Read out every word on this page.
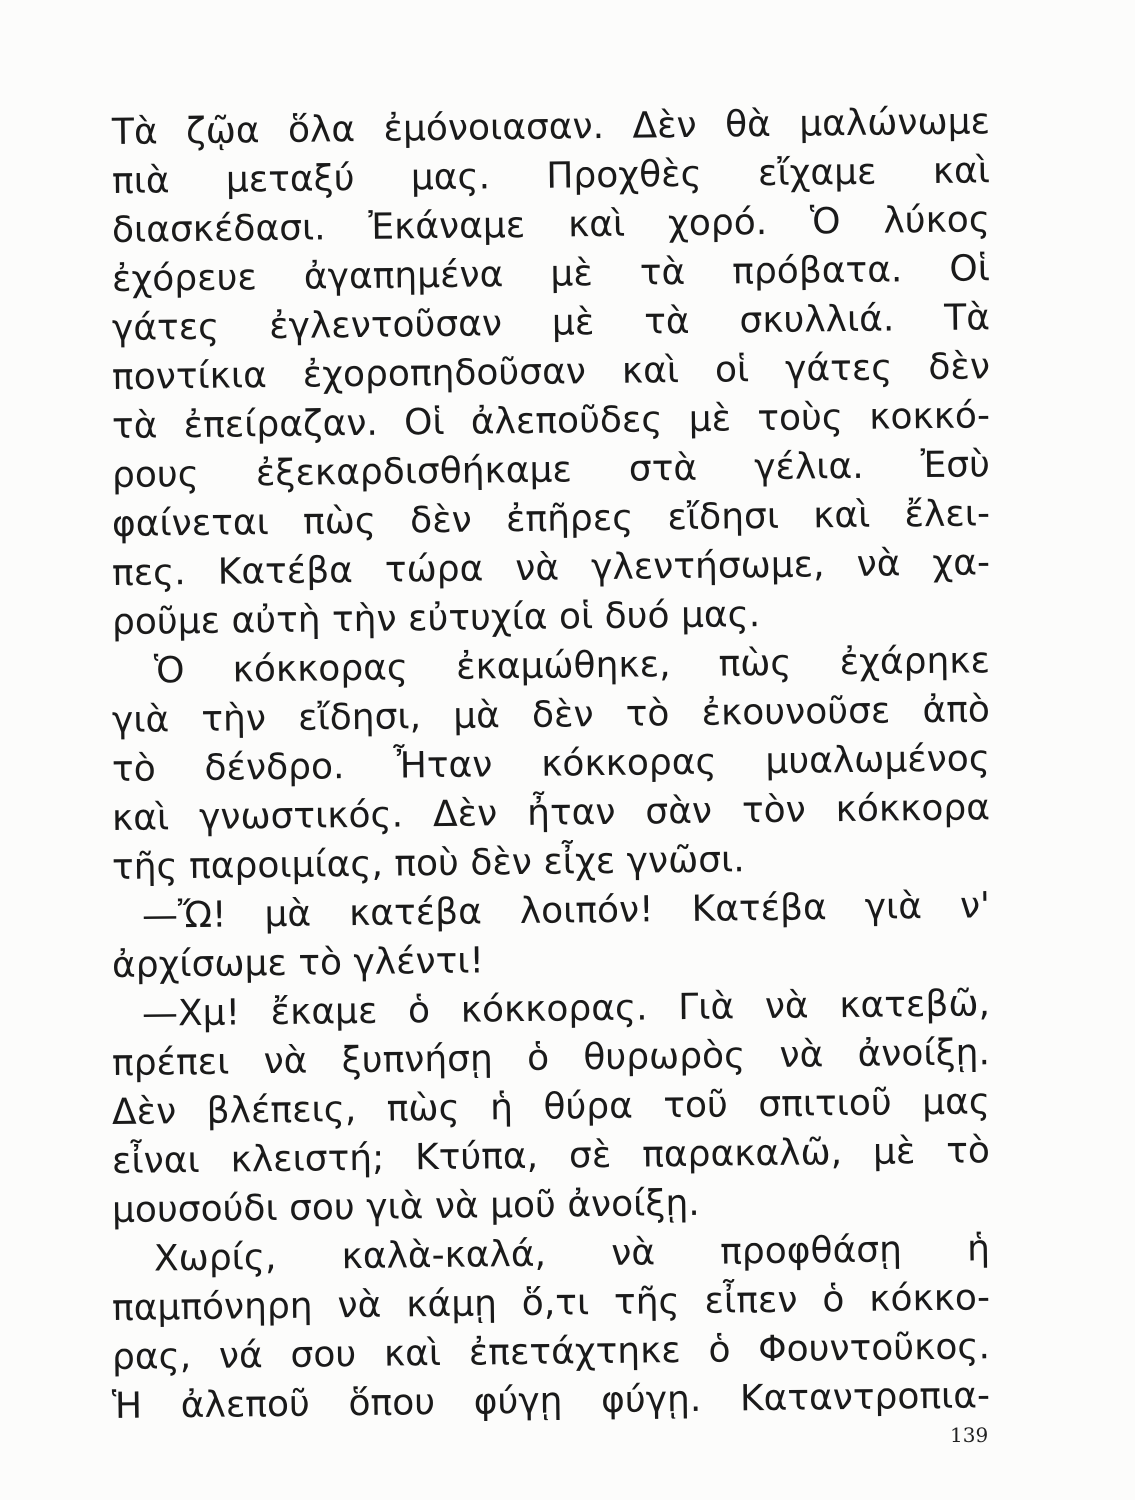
Τὰ ζῷα ὅλα ἐμόνοιασαν. Δὲν θὰ μαλώνωμε
πιὰ μεταξύ μας. Προχθὲς εἴχαμε καὶ
διασκέδασι. Ἐκάναμε καὶ χορό. Ὁ λύκος
ἐχόρευε ἀγαπημένα μὲ τὰ πρόβατα. Οἱ
γάτες ἐγλεντοῦσαν μὲ τὰ σκυλλιά. Τὰ
ποντίκια ἐχοροπηδοῦσαν καὶ οἱ γάτες δὲν
τὰ ἐπείραζαν. Οἱ ἀλεποῦδες μὲ τοὺς κοκκό-
ρους ἐξεκαρδισθήκαμε στὰ γέλια. Ἐσὺ
φαίνεται πὼς δὲν ἐπῆρες εἴδησι καὶ ἔλει-
πες. Κατέβα τώρα νὰ γλεντήσωμε, νὰ χα-
ροῦμε αὐτὴ τὴν εὐτυχία οἱ δυό μας.
Ὁ κόκκορας ἐκαμώθηκε, πὼς ἐχάρηκε
γιὰ τὴν εἴδησι, μὰ δὲν τὸ ἐκουνοῦσε ἀπὸ
τὸ δένδρο. Ἦταν κόκκορας μυαλωμένος
καὶ γνωστικός. Δὲν ἦταν σὰν τὸν κόκκορα
τῆς παροιμίας, ποὺ δὲν εἶχε γνῶσι.
—Ὤ! μὰ κατέβα λοιπόν! Κατέβα γιὰ ν'
ἀρχίσωμε τὸ γλέντι!
—Χμ! ἔκαμε ὁ κόκκορας. Γιὰ νὰ κατεβῶ,
πρέπει νὰ ξυπνήσῃ ὁ θυρωρὸς νὰ ἀνοίξῃ.
Δὲν βλέπεις, πὼς ἡ θύρα τοῦ σπιτιοῦ μας
εἶναι κλειστή; Κτύπα, σὲ παρακαλῶ, μὲ τὸ
μουσούδι σου γιὰ νὰ μοῦ ἀνοίξῃ.
Χωρίς, καλὰ-καλά, νὰ προφθάσῃ ἡ
παμπόνηρη νὰ κάμῃ ὅ,τι τῆς εἶπεν ὁ κόκκο-
ρας, νά σου καὶ ἐπετάχτηκε ὁ Φουντοῦκος.
Ἡ ἀλεποῦ ὅπου φύγῃ φύγῃ. Καταντροπια-
139
